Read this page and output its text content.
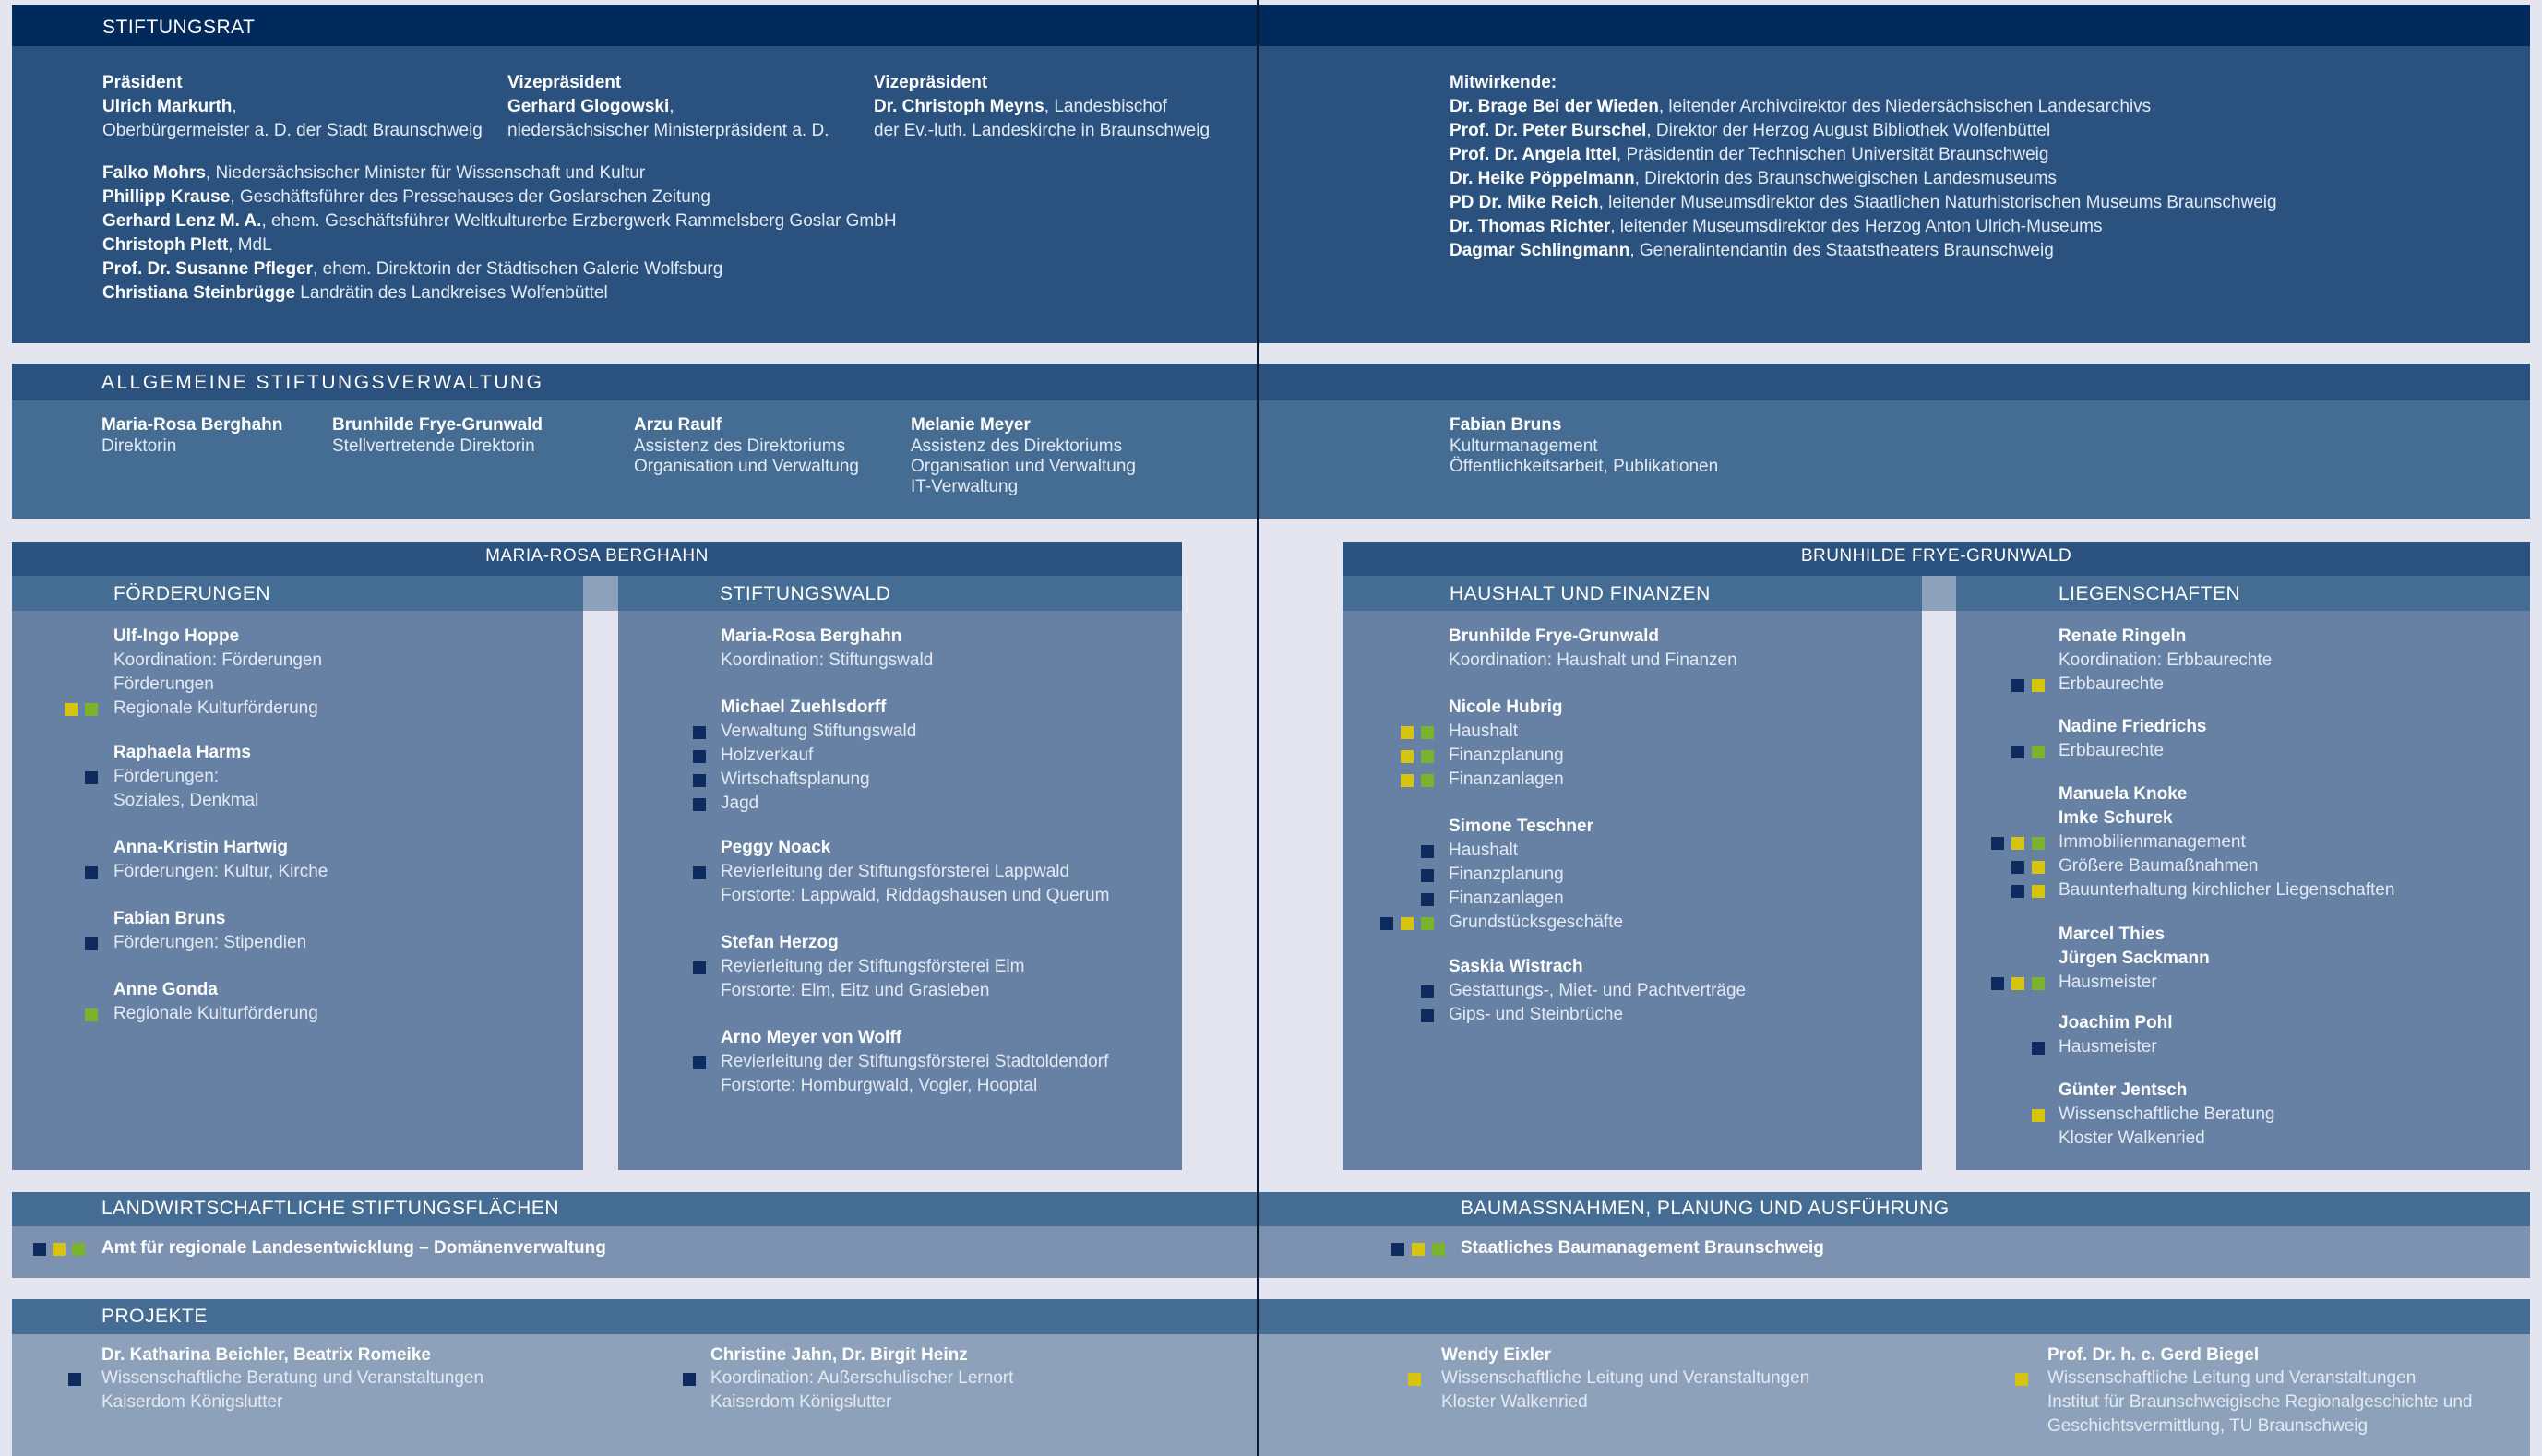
STIFTUNGSRAT
Präsident
Ulrich Markurth,
Oberbürgermeister a. D. der Stadt Braunschweig
Vizepräsident
Gerhard Glogowski,
niedersächsischer Ministerpräsident a. D.
Vizepräsident
Dr. Christoph Meyns, Landesbischof
der Ev.-luth. Landeskirche in Braunschweig
Mitwirkende:
ALLGEMEINE STIFTUNGSVERWALTUNG
MARIA-ROSA BERGHAHN
FÖRDERUNGEN	STIFTUNGSWALD
BRUNHILDE FRYE-GRUNWALD
HAUSHALT UND FINANZEN	LIEGENSCHAFTEN
LANDWIRTSCHAFTLICHE STIFTUNGSFLÄCHEN	BAUMASSNAHMEN, PLANUNG UND AUSFÜHRUNG
Amt für regionale Landesentwicklung – Domänenverwaltung	Staatliches Baumanagement Braunschweig
PROJEKTE
Falko Mohrs, Niedersächsischer Minister für Wissenschaft und Kultur
Phillipp Krause, Geschäftsführer des Pressehauses der Goslarschen Zeitung
Gerhard Lenz M. A., ehem. Geschäftsführer Weltkulturerbe Erzbergwerk Rammelsberg Goslar GmbH
Christoph Plett, MdL
Prof. Dr. Susanne Pfleger, ehem. Direktorin der Städtischen Galerie Wolfsburg
Christiana Steinbrügge Landrätin des Landkreises Wolfenbüttel
Dr. Brage Bei der Wieden, leitender Archivdirektor des Niedersächsischen Landesarchivs
Prof. Dr. Peter Burschel, Direktor der Herzog August Bibliothek Wolfenbüttel
Prof. Dr. Angela Ittel, Präsidentin der Technischen Universität Braunschweig
Dr. Heike Pöppelmann, Direktorin des Braunschweigischen Landesmuseums
PD Dr. Mike Reich, leitender Museumsdirektor des Staatlichen Naturhistorischen Museums Braunschweig
Dr. Thomas Richter, leitender Museumsdirektor des Herzog Anton Ulrich-Museums
Dagmar Schlingmann, Generalintendantin des Staatstheaters Braunschweig
Maria-Rosa Berghahn
Direktorin
Brunhilde Frye-Grunwald
Stellvertretende Direktorin
Arzu Raulf
Assistenz des Direktoriums
Organisation und Verwaltung
Melanie Meyer
Assistenz des Direktoriums
Organisation und Verwaltung
IT-Verwaltung
Fabian Bruns
Kulturmanagement
Öffentlichkeitsarbeit, Publikationen
Ulf-Ingo Hoppe
Koordination: Förderungen
Förderungen
Regionale Kulturförderung
Raphaela Harms
Förderungen:
Soziales, Denkmal
Anna-Kristin Hartwig
Förderungen: Kultur, Kirche
Fabian Bruns
Förderungen: Stipendien
Anne Gonda
Regionale Kulturförderung
Maria-Rosa Berghahn
Koordination: Stiftungswald
Michael Zuehlsdorff
Verwaltung Stiftungswald
Holzverkauf
Wirtschaftsplanung
Jagd
Peggy Noack
Revierleitung der Stiftungsförsterei Lappwald
Forstorte: Lappwald, Riddagshausen und Querum
Stefan Herzog
Revierleitung der Stiftungsförsterei Elm
Forstorte: Elm, Eitz und Grasleben
Arno Meyer von Wolff
Revierleitung der Stiftungsförsterei Stadtoldendorf
Forstorte: Homburgwald, Vogler, Hooptal
Brunhilde Frye-Grunwald
Koordination: Haushalt und Finanzen
Nicole Hubrig
Haushalt
Finanzplanung
Finanzanlagen
Simone Teschner
Haushalt
Finanzplanung
Finanzanlagen
Grundstücksgeschäfte
Saskia Wistrach
Gestattungs-, Miet- und Pachtverträge
Gips- und Steinbrüche
Renate Ringeln
Koordination: Erbbaurechte
Erbbaurechte
Nadine Friedrichs
Erbbaurechte
Manuela Knoke
Imke Schurek
Immobilienmanagement
Größere Baumaßnahmen
Bauunterhaltung kirchlicher Liegenschaften
Marcel Thies
Jürgen Sackmann
Hausmeister
Joachim Pohl
Hausmeister
Günter Jentsch
Wissenschaftliche Beratung
Kloster Walkenried
Dr. Katharina Beichler, Beatrix Romeike
Wissenschaftliche Beratung und Veranstaltungen
Kaiserdom Königslutter
Christine Jahn, Dr. Birgit Heinz
Koordination: Außerschulischer Lernort
Kaiserdom Königslutter
Wendy Eixler
Wissenschaftliche Leitung und Veranstaltungen
Kloster Walkenried
Prof. Dr. h. c. Gerd Biegel
Wissenschaftliche Leitung und Veranstaltungen
Institut für Braunschweigische Regionalgeschichte und
Geschichtsvermittlung, TU Braunschweig
